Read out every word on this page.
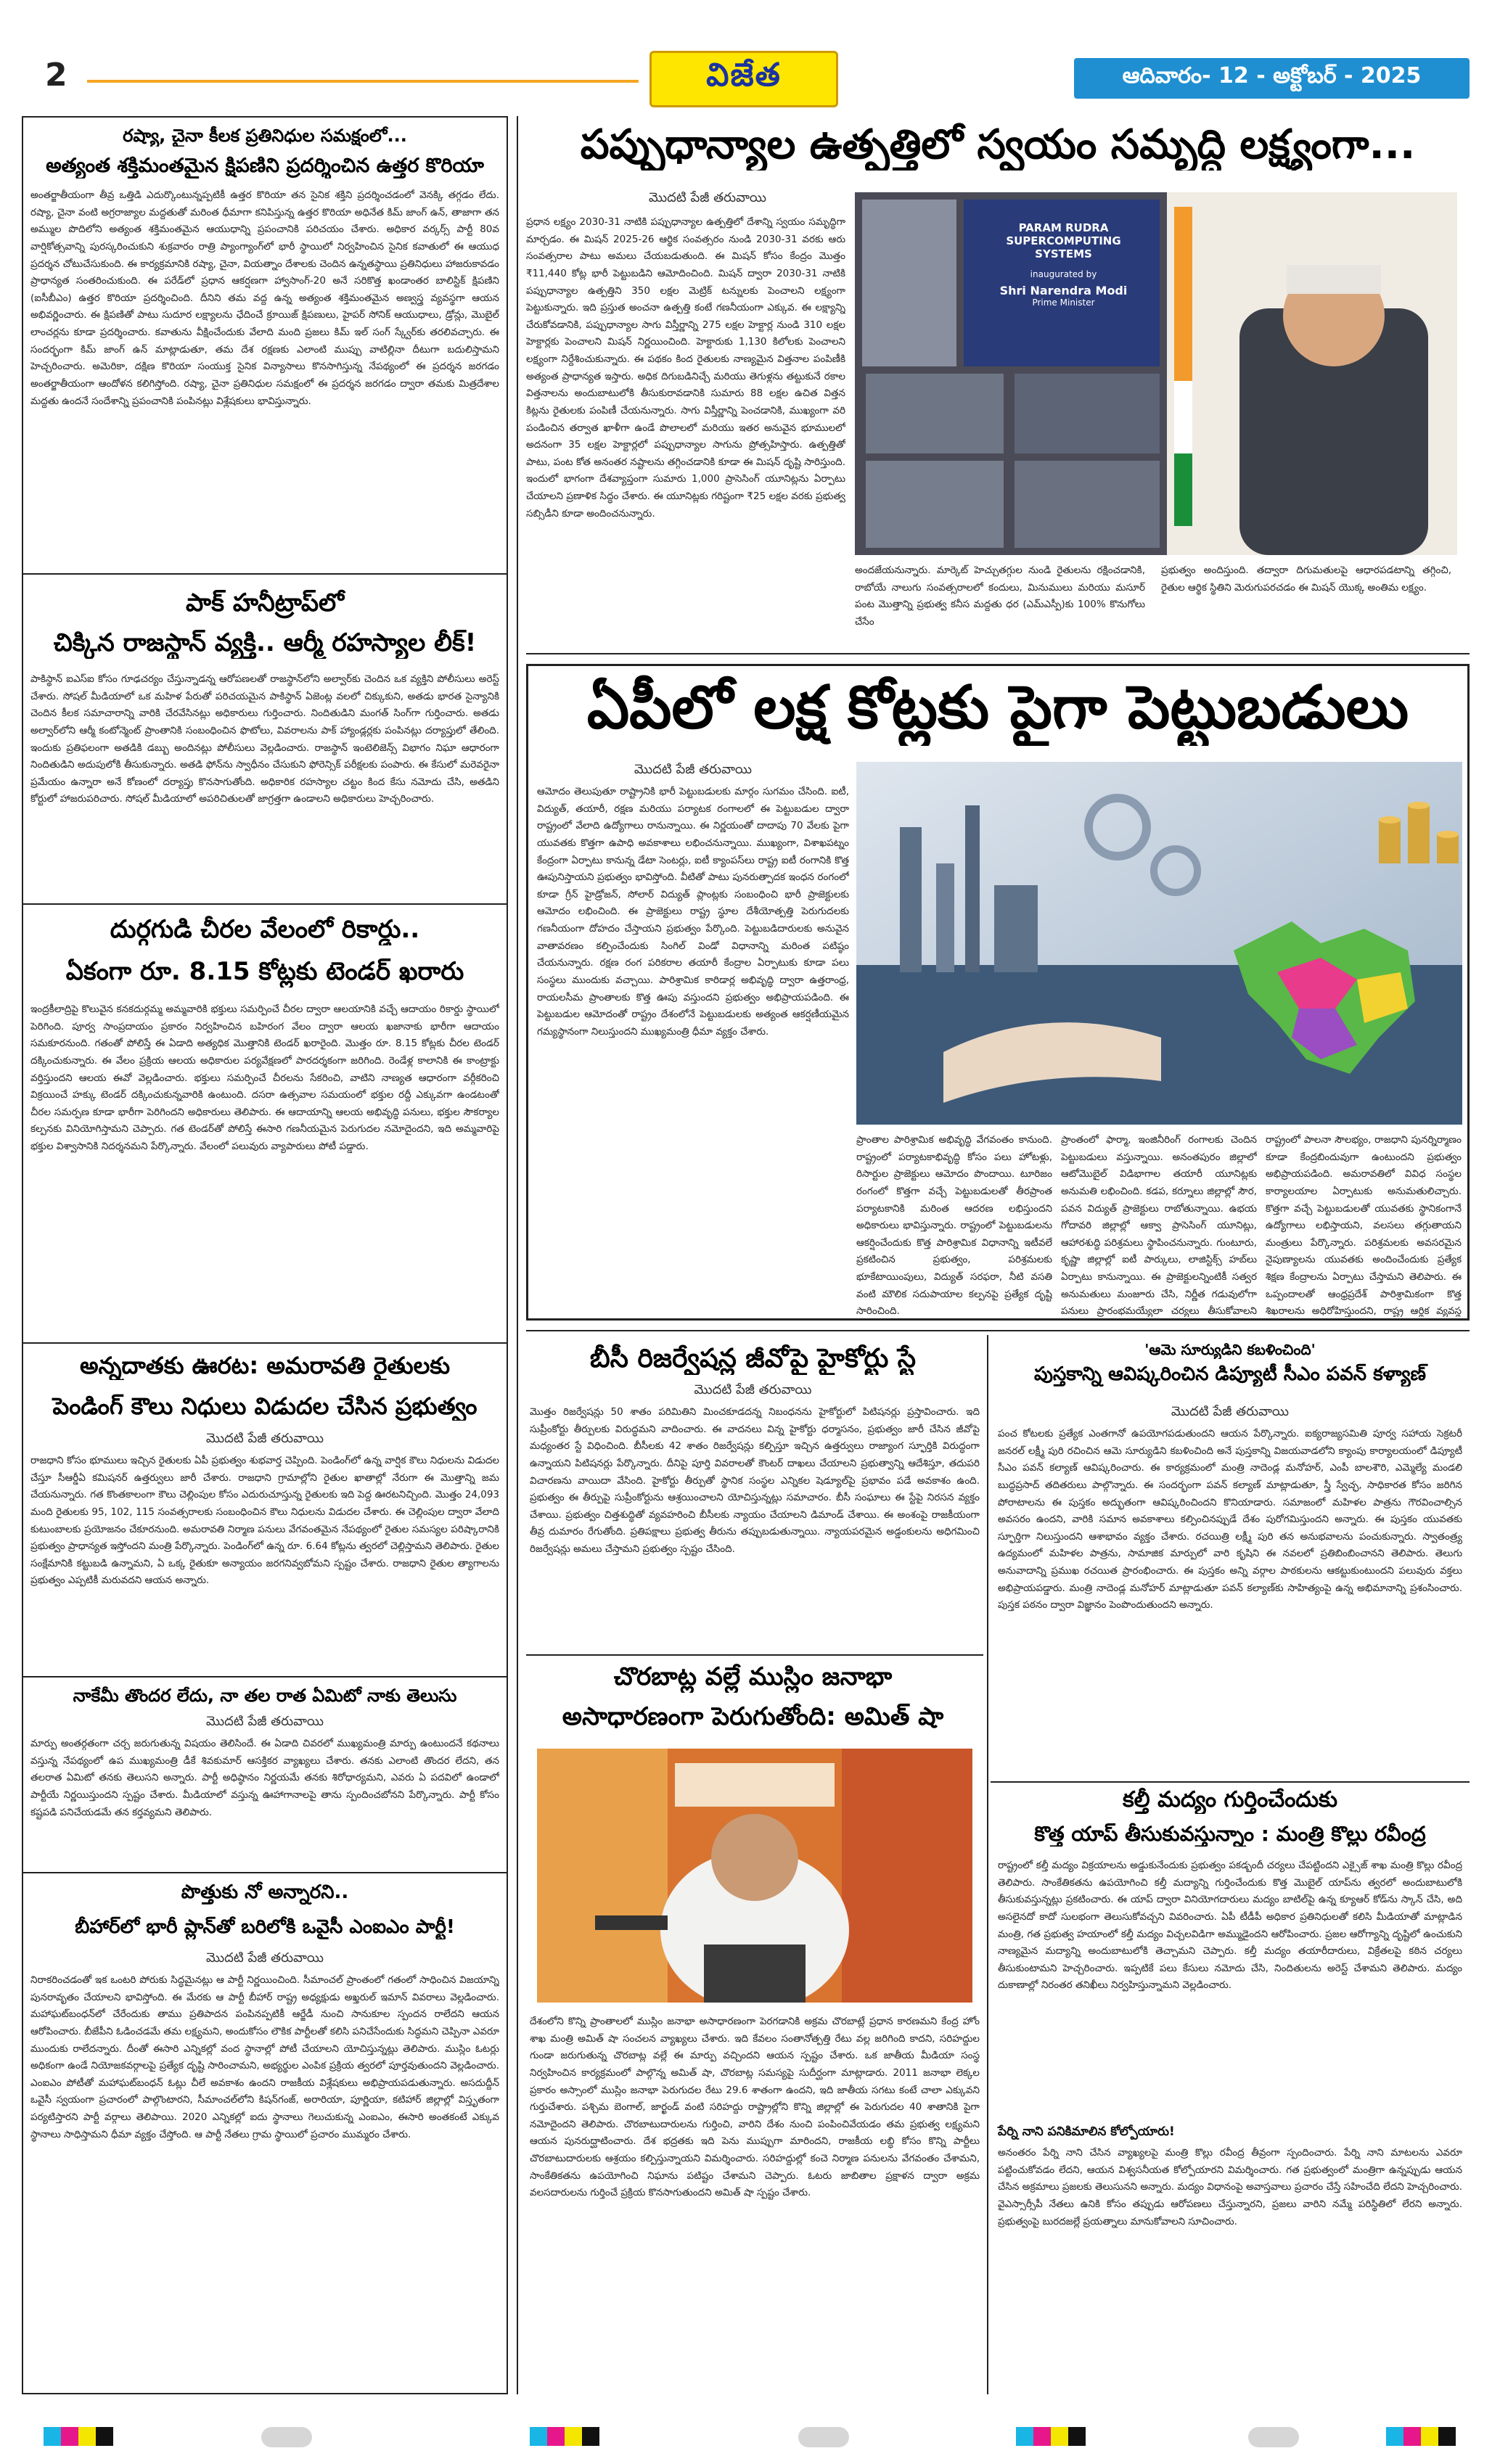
2	విజేత	ఆదివారం- 12 - అక్టోబర్ - 2025
రష్యా, చైనా కీలక ప్రతినిధుల సమక్షంలో...
అత్యంత శక్తిమంతమైన క్షిపణిని ప్రదర్శించిన ఉత్తర కొరియా
అంతర్జాతీయంగా తీవ్ర ఒత్తిడి ఎదుర్కొంటున్నప్పటికీ ఉత్తర కొరియా తన సైనిక శక్తిని ప్రదర్శించడంలో వెనక్కి తగ్గడం లేదు. రష్యా, చైనా వంటి అగ్రరాజ్యాల మద్దతుతో మరింత ధీమాగా కనిపిస్తున్న ఉత్తర కొరియా అధినేత కిమ్ జాంగ్ ఉన్, తాజాగా తన అమ్ముల పొదిలోని అత్యంత శక్తిమంతమైన ఆయుధాన్ని ప్రపంచానికి పరిచయం చేశారు. అధికార వర్కర్స్ పార్టీ 80వ వార్షికోత్సవాన్ని పురస్కరించుకుని శుక్రవారం రాత్రి ప్యాంగ్యాంగ్‌లో భారీ స్థాయిలో నిర్వహించిన సైనిక కవాతులో ఈ ఆయుధ ప్రదర్శన చోటుచేసుకుంది. ఈ కార్యక్రమానికి రష్యా, చైనా, వియత్నాం దేశాలకు చెందిన ఉన్నతస్థాయి ప్రతినిధులు హాజరుకావడం ప్రాధాన్యత సంతరించుకుంది. ఈ పరేడ్‌లో ప్రధాన ఆకర్షణగా హ్వాసాంగ్-20 అనే సరికొత్త ఖండాంతర బాలిస్టిక్ క్షిపణిని (ఐసీబీఎం) ఉత్తర కొరియా ప్రదర్శించింది. దీనిని తమ వద్ద ఉన్న అత్యంత శక్తిమంతమైన అణ్వస్త్ర వ్యవస్థగా ఆయన అభివర్ణించారు. ఈ క్షిపణితో పాటు సుదూర లక్ష్యాలను ఛేదించే క్రూయిజ్ క్షిపణులు, హైపర్ సోనిక్ ఆయుధాలు, డ్రోన్లు, మొబైల్ లాంచర్లను కూడా ప్రదర్శించారు. కవాతును వీక్షించేందుకు వేలాది మంది ప్రజలు కిమ్ ఇల్ సంగ్ స్క్వేర్‌కు తరలివచ్చారు. ఈ సందర్భంగా కిమ్ జాంగ్ ఉన్ మాట్లాడుతూ, తమ దేశ రక్షణకు ఎలాంటి ముప్పు వాటిల్లినా దీటుగా బదులిస్తామని హెచ్చరించారు. అమెరికా, దక్షిణ కొరియా సంయుక్త సైనిక విన్యాసాలు కొనసాగిస్తున్న నేపథ్యంలో ఈ ప్రదర్శన జరగడం అంతర్జాతీయంగా ఆందోళన కలిగిస్తోంది. రష్యా, చైనా ప్రతినిధుల సమక్షంలో ఈ ప్రదర్శన జరగడం ద్వారా తమకు మిత్రదేశాల మద్దతు ఉందనే సందేశాన్ని ప్రపంచానికి పంపినట్లు విశ్లేషకులు భావిస్తున్నారు.
పాక్ హనీట్రాప్‌లో
చిక్కిన రాజస్థాన్ వ్యక్తి.. ఆర్మీ రహస్యాల లీక్!
పాకిస్థాన్ ఐఎస్ఐ కోసం గూఢచర్యం చేస్తున్నాడన్న ఆరోపణలతో రాజస్థాన్‌లోని అల్వార్‌కు చెందిన ఒక వ్యక్తిని పోలీసులు అరెస్ట్ చేశారు. సోషల్ మీడియాలో ఒక మహిళ పేరుతో పరిచయమైన పాకిస్థాన్ ఏజెంట్ల వలలో చిక్కుకుని, అతడు భారత సైన్యానికి చెందిన కీలక సమాచారాన్ని వారికి చేరవేసినట్లు అధికారులు గుర్తించారు. నిందితుడిని మంగత్ సింగ్‌గా గుర్తించారు. అతడు అల్వార్‌లోని ఆర్మీ కంటోన్మెంట్ ప్రాంతానికి సంబంధించిన ఫొటోలు, వివరాలను పాక్ హ్యాండ్లర్లకు పంపినట్లు దర్యాప్తులో తేలింది. ఇందుకు ప్రతిఫలంగా అతడికి డబ్బు అందినట్లు పోలీసులు వెల్లడించారు. రాజస్థాన్ ఇంటెలిజెన్స్ విభాగం నిఘా ఆధారంగా నిందితుడిని అదుపులోకి తీసుకున్నారు. అతడి ఫోన్‌ను స్వాధీనం చేసుకుని ఫోరెన్సిక్ పరీక్షలకు పంపారు. ఈ కేసులో మరెవరైనా ప్రమేయం ఉన్నారా అనే కోణంలో దర్యాప్తు కొనసాగుతోంది. అధికారిక రహస్యాల చట్టం కింద కేసు నమోదు చేసి, అతడిని కోర్టులో హాజరుపరిచారు. సోషల్ మీడియాలో అపరిచితులతో జాగ్రత్తగా ఉండాలని అధికారులు హెచ్చరించారు.
దుర్గగుడి చీరల వేలంలో రికార్డు..
ఏకంగా రూ. 8.15 కోట్లకు టెండర్ ఖరారు
ఇంద్రకీలాద్రిపై కొలువైన కనకదుర్గమ్మ అమ్మవారికి భక్తులు సమర్పించే చీరల ద్వారా ఆలయానికి వచ్చే ఆదాయం రికార్డు స్థాయిలో పెరిగింది. పూర్వ సాంప్రదాయం ప్రకారం నిర్వహించిన బహిరంగ వేలం ద్వారా ఆలయ ఖజానాకు భారీగా ఆదాయం సమకూరనుంది. గతంతో పోలిస్తే ఈ ఏడాది అత్యధిక మొత్తానికి టెండర్ ఖరారైంది. మొత్తం రూ. 8.15 కోట్లకు చీరల టెండర్ దక్కించుకున్నారు. ఈ వేలం ప్రక్రియ ఆలయ అధికారుల పర్యవేక్షణలో పారదర్శకంగా జరిగింది. రెండేళ్ల కాలానికి ఈ కాంట్రాక్టు వర్తిస్తుందని ఆలయ ఈవో వెల్లడించారు. భక్తులు సమర్పించే చీరలను సేకరించి, వాటిని నాణ్యత ఆధారంగా వర్గీకరించి విక్రయించే హక్కు టెండర్ దక్కించుకున్నవారికి ఉంటుంది. దసరా ఉత్సవాల సమయంలో భక్తుల రద్దీ ఎక్కువగా ఉండటంతో చీరల సమర్పణ కూడా భారీగా పెరిగిందని అధికారులు తెలిపారు. ఈ ఆదాయాన్ని ఆలయ అభివృద్ధి పనులు, భక్తుల సౌకర్యాల కల్పనకు వినియోగిస్తామని చెప్పారు. గత టెండర్‌తో పోలిస్తే ఈసారి గణనీయమైన పెరుగుదల నమోదైందని, ఇది అమ్మవారిపై భక్తుల విశ్వాసానికి నిదర్శనమని పేర్కొన్నారు. వేలంలో పలువురు వ్యాపారులు పోటీ పడ్డారు.
అన్నదాతకు ఊరట: అమరావతి రైతులకు
పెండింగ్ కౌలు నిధులు విడుదల చేసిన ప్రభుత్వం
మొదటి పేజీ తరువాయి
రాజధాని కోసం భూములు ఇచ్చిన రైతులకు ఏపీ ప్రభుత్వం శుభవార్త చెప్పింది. పెండింగ్‌లో ఉన్న వార్షిక కౌలు నిధులను విడుదల చేస్తూ సీఆర్డీఏ కమిషనర్ ఉత్తర్వులు జారీ చేశారు. రాజధాని గ్రామాల్లోని రైతుల ఖాతాల్లో నేరుగా ఈ మొత్తాన్ని జమ చేయనున్నారు. గత కొంతకాలంగా కౌలు చెల్లింపుల కోసం ఎదురుచూస్తున్న రైతులకు ఇది పెద్ద ఊరటనిచ్చింది. మొత్తం 24,093 మంది రైతులకు 95, 102, 115 సంవత్సరాలకు సంబంధించిన కౌలు నిధులను విడుదల చేశారు. ఈ చెల్లింపుల ద్వారా వేలాది కుటుంబాలకు ప్రయోజనం చేకూరనుంది. అమరావతి నిర్మాణ పనులు వేగవంతమైన నేపథ్యంలో రైతుల సమస్యల పరిష్కారానికి ప్రభుత్వం ప్రాధాన్యత ఇస్తోందని మంత్రి పేర్కొన్నారు. పెండింగ్‌లో ఉన్న రూ. 6.64 కోట్లను త్వరలో చెల్లిస్తామని తెలిపారు. రైతుల సంక్షేమానికి కట్టుబడి ఉన్నామని, ఏ ఒక్క రైతుకూ అన్యాయం జరగనివ్వబోమని స్పష్టం చేశారు. రాజధాని రైతుల త్యాగాలను ప్రభుత్వం ఎప్పటికీ మరువదని ఆయన అన్నారు.
నాకేమీ తొందర లేదు, నా తల రాత ఏమిటో నాకు తెలుసు
మొదటి పేజీ తరువాయి
మార్పు అంతర్గతంగా చర్చ జరుగుతున్న విషయం తెలిసిందే. ఈ ఏడాది చివరలో ముఖ్యమంత్రి మార్పు ఉంటుందనే కథనాలు వస్తున్న నేపథ్యంలో ఉప ముఖ్యమంత్రి డీకే శివకుమార్ ఆసక్తికర వ్యాఖ్యలు చేశారు. తనకు ఎలాంటి తొందర లేదని, తన తలరాత ఏమిటో తనకు తెలుసని అన్నారు. పార్టీ అధిష్ఠానం నిర్ణయమే తనకు శిరోధార్యమని, ఎవరు ఏ పదవిలో ఉండాలో పార్టీయే నిర్ణయిస్తుందని స్పష్టం చేశారు. మీడియాలో వస్తున్న ఊహాగానాలపై తాను స్పందించబోనని పేర్కొన్నారు. పార్టీ కోసం కష్టపడి పనిచేయడమే తన కర్తవ్యమని తెలిపారు.
పొత్తుకు నో అన్నారని..
బీహార్‌లో భారీ ప్లాన్‌తో బరిలోకి ఒవైసీ ఎంఐఎం పార్టీ!
మొదటి పేజీ తరువాయి
నిరాకరించడంతో ఇక ఒంటరి పోరుకు సిద్ధమైనట్లు ఆ పార్టీ నిర్ణయించింది. సీమాంచల్ ప్రాంతంలో గతంలో సాధించిన విజయాన్ని పునరావృతం చేయాలని భావిస్తోంది. ఈ మేరకు ఆ పార్టీ బీహార్ రాష్ట్ర అధ్యక్షుడు అఖ్తరుల్ ఇమాన్ వివరాలు వెల్లడించారు. మహాఘట్‌బంధన్‌లో చేరేందుకు తాము ప్రతిపాదన పంపినప్పటికీ ఆర్జేడీ నుంచి సానుకూల స్పందన రాలేదని ఆయన ఆరోపించారు. బీజేపీని ఓడించడమే తమ లక్ష్యమని, అందుకోసం లౌకిక పార్టీలతో కలిసి పనిచేసేందుకు సిద్ధమని చెప్పినా ఎవరూ ముందుకు రాలేదన్నారు. దీంతో ఈసారి ఎన్నికల్లో వంద స్థానాల్లో పోటీ చేయాలని యోచిస్తున్నట్లు తెలిపారు. ముస్లిం ఓటర్లు అధికంగా ఉండే నియోజకవర్గాలపై ప్రత్యేక దృష్టి సారించామని, అభ్యర్థుల ఎంపిక ప్రక్రియ త్వరలో పూర్తవుతుందని వెల్లడించారు. ఎంఐఎం పోటీతో మహాఘట్‌బంధన్ ఓట్లు చీలే అవకాశం ఉందని రాజకీయ విశ్లేషకులు అభిప్రాయపడుతున్నారు. అసదుద్దీన్ ఒవైసీ స్వయంగా ప్రచారంలో పాల్గొంటారని, సీమాంచల్‌లోని కిషన్‌గంజ్, అరారియా, పూర్ణియా, కటిహార్ జిల్లాల్లో విస్తృతంగా పర్యటిస్తారని పార్టీ వర్గాలు తెలిపాయి. 2020 ఎన్నికల్లో ఐదు స్థానాలు గెలుచుకున్న ఎంఐఎం, ఈసారి అంతకంటే ఎక్కువ స్థానాలు సాధిస్తామని ధీమా వ్యక్తం చేస్తోంది. ఆ పార్టీ నేతలు గ్రామ స్థాయిలో ప్రచారం ముమ్మరం చేశారు.
పప్పుధాన్యాల ఉత్పత్తిలో స్వయం సమృద్ధి లక్ష్యంగా...
మొదటి పేజీ తరువాయి
ప్రధాన లక్ష్యం 2030-31 నాటికి పప్పుధాన్యాల ఉత్పత్తిలో దేశాన్ని స్వయం సమృద్ధిగా మార్చడం. ఈ మిషన్ 2025-26 ఆర్థిక సంవత్సరం నుండి 2030-31 వరకు ఆరు సంవత్సరాల పాటు అమలు చేయబడుతుంది. ఈ మిషన్ కోసం కేంద్రం మొత్తం ₹11,440 కోట్ల భారీ పెట్టుబడిని ఆమోదించింది. మిషన్ ద్వారా 2030-31 నాటికి పప్పుధాన్యాల ఉత్పత్తిని 350 లక్షల మెట్రిక్ టన్నులకు పెంచాలని లక్ష్యంగా పెట్టుకున్నారు. ఇది ప్రస్తుత అంచనా ఉత్పత్తి కంటే గణనీయంగా ఎక్కువ. ఈ లక్ష్యాన్ని చేరుకోవడానికి, పప్పుధాన్యాల సాగు విస్తీర్ణాన్ని 275 లక్షల హెక్టార్ల నుండి 310 లక్షల హెక్టార్లకు పెంచాలని మిషన్ నిర్ణయించింది. హెక్టారుకు 1,130 కిలోలకు పెంచాలని లక్ష్యంగా నిర్దేశించుకున్నారు. ఈ పథకం కింద రైతులకు నాణ్యమైన విత్తనాల పంపిణీకి అత్యంత ప్రాధాన్యత ఇస్తారు. అధిక దిగుబడినిచ్చే మరియు తెగుళ్లను తట్టుకునే రకాల విత్తనాలను అందుబాటులోకి తీసుకురావడానికి సుమారు 88 లక్షల ఉచిత విత్తన కిట్లను రైతులకు పంపిణీ చేయనున్నారు. సాగు విస్తీర్ణాన్ని పెంచడానికి, ముఖ్యంగా వరి పండించిన తర్వాత ఖాళీగా ఉండే పొలాలలో మరియు ఇతర అనువైన భూములలో అదనంగా 35 లక్షల హెక్టార్లలో పప్పుధాన్యాల సాగును ప్రోత్సహిస్తారు. ఉత్పత్తితో పాటు, పంట కోత అనంతర నష్టాలను తగ్గించడానికి కూడా ఈ మిషన్ దృష్టి సారిస్తుంది. ఇందులో భాగంగా దేశవ్యాప్తంగా సుమారు 1,000 ప్రాసెసింగ్ యూనిట్లను ఏర్పాటు చేయాలని ప్రణాళిక సిద్ధం చేశారు. ఈ యూనిట్లకు గరిష్టంగా ₹25 లక్షల వరకు ప్రభుత్వ సబ్సిడీని కూడా అందించనున్నారు.
PARAM RUDRA SUPERCOMPUTING SYSTEMS
inaugurated by
Shri Narendra Modi
Prime Minister
అందజేయనున్నారు. మార్కెట్ హెచ్చుతగ్గుల నుండి రైతులను రక్షించడానికి, రాబోయే నాలుగు సంవత్సరాలలో కందులు, మినుములు మరియు మసూర్ పంట మొత్తాన్ని ప్రభుత్వ కనీస మద్దతు ధర (ఎమ్ఎస్పీ)కు 100% కొనుగోలు చేసేం
ప్రభుత్వం అందిస్తుంది. తద్వారా దిగుమతులపై ఆధారపడటాన్ని తగ్గించి, రైతుల ఆర్థిక స్థితిని మెరుగుపరచడం ఈ మిషన్ యొక్క అంతిమ లక్ష్యం.
ఏపీలో లక్ష కోట్లకు పైగా పెట్టుబడులు
మొదటి పేజీ తరువాయి
ఆమోదం తెలుపుతూ రాష్ట్రానికి భారీ పెట్టుబడులకు మార్గం సుగమం చేసింది. ఐటీ, విద్యుత్, తయారీ, రక్షణ మరియు పర్యాటక రంగాలలో ఈ పెట్టుబడుల ద్వారా రాష్ట్రంలో వేలాది ఉద్యోగాలు రానున్నాయి. ఈ నిర్ణయంతో దాదాపు 70 వేలకు పైగా యువతకు కొత్తగా ఉపాధి అవకాశాలు లభించనున్నాయి. ముఖ్యంగా, విశాఖపట్నం కేంద్రంగా ఏర్పాటు కానున్న డేటా సెంటర్లు, ఐటీ క్యాంపస్‌లు రాష్ట్ర ఐటీ రంగానికి కొత్త ఊపునిస్తాయని ప్రభుత్వం భావిస్తోంది. వీటితో పాటు పునరుత్పాదక ఇంధన రంగంలో కూడా గ్రీన్ హైడ్రోజన్, సోలార్ విద్యుత్ ప్లాంట్లకు సంబంధించి భారీ ప్రాజెక్టులకు ఆమోదం లభించింది. ఈ ప్రాజెక్టులు రాష్ట్ర స్థూల దేశీయోత్పత్తి పెరుగుదలకు గణనీయంగా దోహదం చేస్తాయని ప్రభుత్వం పేర్కొంది. పెట్టుబడిదారులకు అనువైన వాతావరణం కల్పించేందుకు సింగిల్ విండో విధానాన్ని మరింత పటిష్ఠం చేయనున్నారు. రక్షణ రంగ పరికరాల తయారీ కేంద్రాల ఏర్పాటుకు కూడా పలు సంస్థలు ముందుకు వచ్చాయి. పారిశ్రామిక కారిడార్ల అభివృద్ధి ద్వారా ఉత్తరాంధ్ర, రాయలసీమ ప్రాంతాలకు కొత్త ఊపు వస్తుందని ప్రభుత్వం అభిప్రాయపడింది. ఈ పెట్టుబడుల ఆమోదంతో రాష్ట్రం దేశంలోనే పెట్టుబడులకు అత్యంత ఆకర్షణీయమైన గమ్యస్థానంగా నిలుస్తుందని ముఖ్యమంత్రి ధీమా వ్యక్తం చేశారు.
ప్రాంతాల పారిశ్రామిక అభివృద్ధి వేగవంతం కానుంది. రాష్ట్రంలో పర్యాటకాభివృద్ధి కోసం పలు హోటళ్లు, రిసార్టుల ప్రాజెక్టులు ఆమోదం పొందాయి. టూరిజం రంగంలో కొత్తగా వచ్చే పెట్టుబడులతో తీరప్రాంత పర్యాటకానికి మరింత ఆదరణ లభిస్తుందని అధికారులు భావిస్తున్నారు. రాష్ట్రంలో పెట్టుబడులను ఆకర్షించేందుకు కొత్త పారిశ్రామిక విధానాన్ని ఇటీవలే ప్రకటించిన ప్రభుత్వం, పరిశ్రమలకు భూకేటాయింపులు, విద్యుత్ సరఫరా, నీటి వసతి వంటి మౌలిక సదుపాయాల కల్పనపై ప్రత్యేక దృష్టి సారించింది.
ప్రాంతంలో ఫార్మా, ఇంజినీరింగ్ రంగాలకు చెందిన పెట్టుబడులు వస్తున్నాయి. అనంతపురం జిల్లాలో ఆటోమొబైల్ విడిభాగాల తయారీ యూనిట్లకు అనుమతి లభించింది. కడప, కర్నూలు జిల్లాల్లో సౌర, పవన విద్యుత్ ప్రాజెక్టులు రాబోతున్నాయి. ఉభయ గోదావరి జిల్లాల్లో ఆక్వా ప్రాసెసింగ్ యూనిట్లు, ఆహారశుద్ధి పరిశ్రమలు స్థాపించనున్నారు. గుంటూరు, కృష్ణా జిల్లాల్లో ఐటీ పార్కులు, లాజిస్టిక్స్ హబ్‌లు ఏర్పాటు కానున్నాయి. ఈ ప్రాజెక్టులన్నింటికీ సత్వర అనుమతులు మంజూరు చేసి, నిర్ణీత గడువులోగా పనులు ప్రారంభమయ్యేలా చర్యలు తీసుకోవాలని
రాష్ట్రంలో పాలనా సౌలభ్యం, రాజధాని పునర్నిర్మాణం కూడా కేంద్రబిందువుగా ఉంటుందని ప్రభుత్వం అభిప్రాయపడింది. అమరావతిలో వివిధ సంస్థల కార్యాలయాల ఏర్పాటుకు అనుమతులిచ్చారు. కొత్తగా వచ్చే పెట్టుబడులతో యువతకు స్థానికంగానే ఉద్యోగాలు లభిస్తాయని, వలసలు తగ్గుతాయని మంత్రులు పేర్కొన్నారు. పరిశ్రమలకు అవసరమైన నైపుణ్యాలను యువతకు అందించేందుకు ప్రత్యేక శిక్షణ కేంద్రాలను ఏర్పాటు చేస్తామని తెలిపారు. ఈ ఒప్పందాలతో ఆంధ్రప్రదేశ్ పారిశ్రామికంగా కొత్త శిఖరాలను అధిరోహిస్తుందని, రాష్ట్ర ఆర్థిక వ్యవస్థ
బీసీ రిజర్వేషన్ల జీవోపై హైకోర్టు స్టే
మొదటి పేజీ తరువాయి
మొత్తం రిజర్వేషన్లు 50 శాతం పరిమితిని మించకూడదన్న నిబంధనను హైకోర్టులో పిటిషనర్లు ప్రస్తావించారు. ఇది సుప్రీంకోర్టు తీర్పులకు విరుద్ధమని వాదించారు. ఈ వాదనలు విన్న హైకోర్టు ధర్మాసనం, ప్రభుత్వం జారీ చేసిన జీవోపై మధ్యంతర స్టే విధించింది. బీసీలకు 42 శాతం రిజర్వేషన్లు కల్పిస్తూ ఇచ్చిన ఉత్తర్వులు రాజ్యాంగ స్ఫూర్తికి విరుద్ధంగా ఉన్నాయని పిటిషనర్లు పేర్కొన్నారు. దీనిపై పూర్తి వివరాలతో కౌంటర్ దాఖలు చేయాలని ప్రభుత్వాన్ని ఆదేశిస్తూ, తదుపరి విచారణను వాయిదా వేసింది. హైకోర్టు తీర్పుతో స్థానిక సంస్థల ఎన్నికల షెడ్యూల్‌పై ప్రభావం పడే అవకాశం ఉంది. ప్రభుత్వం ఈ తీర్పుపై సుప్రీంకోర్టును ఆశ్రయించాలని యోచిస్తున్నట్లు సమాచారం. బీసీ సంఘాలు ఈ స్టేపై నిరసన వ్యక్తం చేశాయి. ప్రభుత్వం చిత్తశుద్ధితో వ్యవహరించి బీసీలకు న్యాయం చేయాలని డిమాండ్ చేశాయి. ఈ అంశంపై రాజకీయంగా తీవ్ర దుమారం రేగుతోంది. ప్రతిపక్షాలు ప్రభుత్వ తీరును తప్పుబడుతున్నాయి. న్యాయపరమైన అడ్డంకులను అధిగమించి రిజర్వేషన్లు అమలు చేస్తామని ప్రభుత్వం స్పష్టం చేసింది.
చొరబాట్ల వల్లే ముస్లిం జనాభా
అసాధారణంగా పెరుగుతోంది: అమిత్ షా
దేశంలోని కొన్ని ప్రాంతాలలో ముస్లిం జనాభా అసాధారణంగా పెరగడానికి అక్రమ చొరబాట్లే ప్రధాన కారణమని కేంద్ర హోం శాఖ మంత్రి అమిత్ షా సంచలన వ్యాఖ్యలు చేశారు. ఇది కేవలం సంతానోత్పత్తి రేటు వల్ల జరిగింది కాదని, సరిహద్దుల గుండా జరుగుతున్న చొరబాట్ల వల్లే ఈ మార్పు వచ్చిందని ఆయన స్పష్టం చేశారు. ఒక జాతీయ మీడియా సంస్థ నిర్వహించిన కార్యక్రమంలో పాల్గొన్న అమిత్ షా, చొరబాట్ల సమస్యపై సుదీర్ఘంగా మాట్లాడారు. 2011 జనాభా లెక్కల ప్రకారం అస్సాంలో ముస్లిం జనాభా పెరుగుదల రేటు 29.6 శాతంగా ఉందని, ఇది జాతీయ సగటు కంటే చాలా ఎక్కువని గుర్తుచేశారు. పశ్చిమ బెంగాల్, జార్ఖండ్ వంటి సరిహద్దు రాష్ట్రాల్లోని కొన్ని జిల్లాల్లో ఈ పెరుగుదల 40 శాతానికి పైగా నమోదైందని తెలిపారు. చొరబాటుదారులను గుర్తించి, వారిని దేశం నుంచి పంపించివేయడం తమ ప్రభుత్వ లక్ష్యమని ఆయన పునరుద్ఘాటించారు. దేశ భద్రతకు ఇది పెను ముప్పుగా మారిందని, రాజకీయ లబ్ధి కోసం కొన్ని పార్టీలు చొరబాటుదారులకు ఆశ్రయం కల్పిస్తున్నాయని విమర్శించారు. సరిహద్దుల్లో కంచె నిర్మాణ పనులను వేగవంతం చేశామని, సాంకేతికతను ఉపయోగించి నిఘాను పటిష్టం చేశామని చెప్పారు. ఓటరు జాబితాల ప్రక్షాళన ద్వారా అక్రమ వలసదారులను గుర్తించే ప్రక్రియ కొనసాగుతుందని అమిత్ షా స్పష్టం చేశారు.
'ఆమె సూర్యుడిని కబళించింది'
పుస్తకాన్ని ఆవిష్కరించిన డిప్యూటీ సీఎం పవన్ కళ్యాణ్
మొదటి పేజీ తరువాయి
పంచ కోటలకు ప్రత్యేక ఎంతగానో ఉపయోగపడుతుందని ఆయన పేర్కొన్నారు. ఐక్యరాజ్యసమితి పూర్వ సహాయ సెక్రటరీ జనరల్ లక్ష్మీ పురి రచించిన ఆమె సూర్యుడిని కబళించింది అనే పుస్తకాన్ని విజయవాడలోని క్యాంపు కార్యాలయంలో డిప్యూటీ సీఎం పవన్ కల్యాణ్ ఆవిష్కరించారు. ఈ కార్యక్రమంలో మంత్రి నాదెండ్ల మనోహర్, ఎంపీ బాలశౌరి, ఎమ్మెల్యే మండలి బుద్ధప్రసాద్ తదితరులు పాల్గొన్నారు. ఈ సందర్భంగా పవన్ కల్యాణ్ మాట్లాడుతూ, స్త్రీ స్వేచ్ఛ, సాధికారత కోసం జరిగిన పోరాటాలను ఈ పుస్తకం అద్భుతంగా ఆవిష్కరించిందని కొనియాడారు. సమాజంలో మహిళల పాత్రను గౌరవించాల్సిన అవసరం ఉందని, వారికి సమాన అవకాశాలు కల్పించినప్పుడే దేశం పురోగమిస్తుందని అన్నారు. ఈ పుస్తకం యువతకు స్ఫూర్తిగా నిలుస్తుందని ఆశాభావం వ్యక్తం చేశారు. రచయిత్రి లక్ష్మీ పురి తన అనుభవాలను పంచుకున్నారు. స్వాతంత్ర్య ఉద్యమంలో మహిళల పాత్రను, సామాజిక మార్పులో వారి కృషిని ఈ నవలలో ప్రతిబింబించానని తెలిపారు. తెలుగు అనువాదాన్ని ప్రముఖ రచయిత ప్రారంభించారు. ఈ పుస్తకం అన్ని వర్గాల పాఠకులను ఆకట్టుకుంటుందని పలువురు వక్తలు అభిప్రాయపడ్డారు. మంత్రి నాదెండ్ల మనోహర్ మాట్లాడుతూ పవన్ కల్యాణ్‌కు సాహిత్యంపై ఉన్న అభిమానాన్ని ప్రశంసించారు. పుస్తక పఠనం ద్వారా విజ్ఞానం పెంపొందుతుందని అన్నారు.
కల్తీ మద్యం గుర్తించేందుకు
కొత్త యాప్ తీసుకువస్తున్నాం : మంత్రి కొల్లు రవీంద్ర
రాష్ట్రంలో కల్తీ మద్యం విక్రయాలను అడ్డుకునేందుకు ప్రభుత్వం పకడ్బందీ చర్యలు చేపట్టిందని ఎక్సైజ్ శాఖ మంత్రి కొల్లు రవీంద్ర తెలిపారు. సాంకేతికతను ఉపయోగించి కల్తీ మద్యాన్ని గుర్తించేందుకు కొత్త మొబైల్ యాప్‌ను త్వరలో అందుబాటులోకి తీసుకువస్తున్నట్లు ప్రకటించారు. ఈ యాప్ ద్వారా వినియోగదారులు మద్యం బాటిల్‌పై ఉన్న క్యూఆర్ కోడ్‌ను స్కాన్ చేసి, అది అసలైనదో కాదో సులభంగా తెలుసుకోవచ్చని వివరించారు. ఏపీ టీడీపీ అధికార ప్రతినిధులతో కలిసి మీడియాతో మాట్లాడిన మంత్రి, గత ప్రభుత్వ హయాంలో కల్తీ మద్యం విచ్చలవిడిగా అమ్ముడైందని ఆరోపించారు. ప్రజల ఆరోగ్యాన్ని దృష్టిలో ఉంచుకుని నాణ్యమైన మద్యాన్ని అందుబాటులోకి తెచ్చామని చెప్పారు. కల్తీ మద్యం తయారీదారులు, విక్రేతలపై కఠిన చర్యలు తీసుకుంటామని హెచ్చరించారు. ఇప్పటికే పలు కేసులు నమోదు చేసి, నిందితులను అరెస్ట్ చేశామని తెలిపారు. మద్యం దుకాణాల్లో నిరంతర తనిఖీలు నిర్వహిస్తున్నామని వెల్లడించారు.
పేర్ని నాని పనికిమాలిన కోల్పోయారు!
అనంతరం పేర్ని నాని చేసిన వ్యాఖ్యలపై మంత్రి కొల్లు రవీంద్ర తీవ్రంగా స్పందించారు. పేర్ని నాని మాటలను ఎవరూ పట్టించుకోవడం లేదని, ఆయన విశ్వసనీయత కోల్పోయారని విమర్శించారు. గత ప్రభుత్వంలో మంత్రిగా ఉన్నప్పుడు ఆయన చేసిన అక్రమాలు ప్రజలకు తెలుసునని అన్నారు. మద్యం విధానంపై అవాస్తవాలు ప్రచారం చేస్తే సహించేది లేదని హెచ్చరించారు. వైఎస్సార్సీపీ నేతలు ఉనికి కోసం తప్పుడు ఆరోపణలు చేస్తున్నారని, ప్రజలు వారిని నమ్మే పరిస్థితిలో లేరని అన్నారు. ప్రభుత్వంపై బురదజల్లే ప్రయత్నాలు మానుకోవాలని సూచించారు.
